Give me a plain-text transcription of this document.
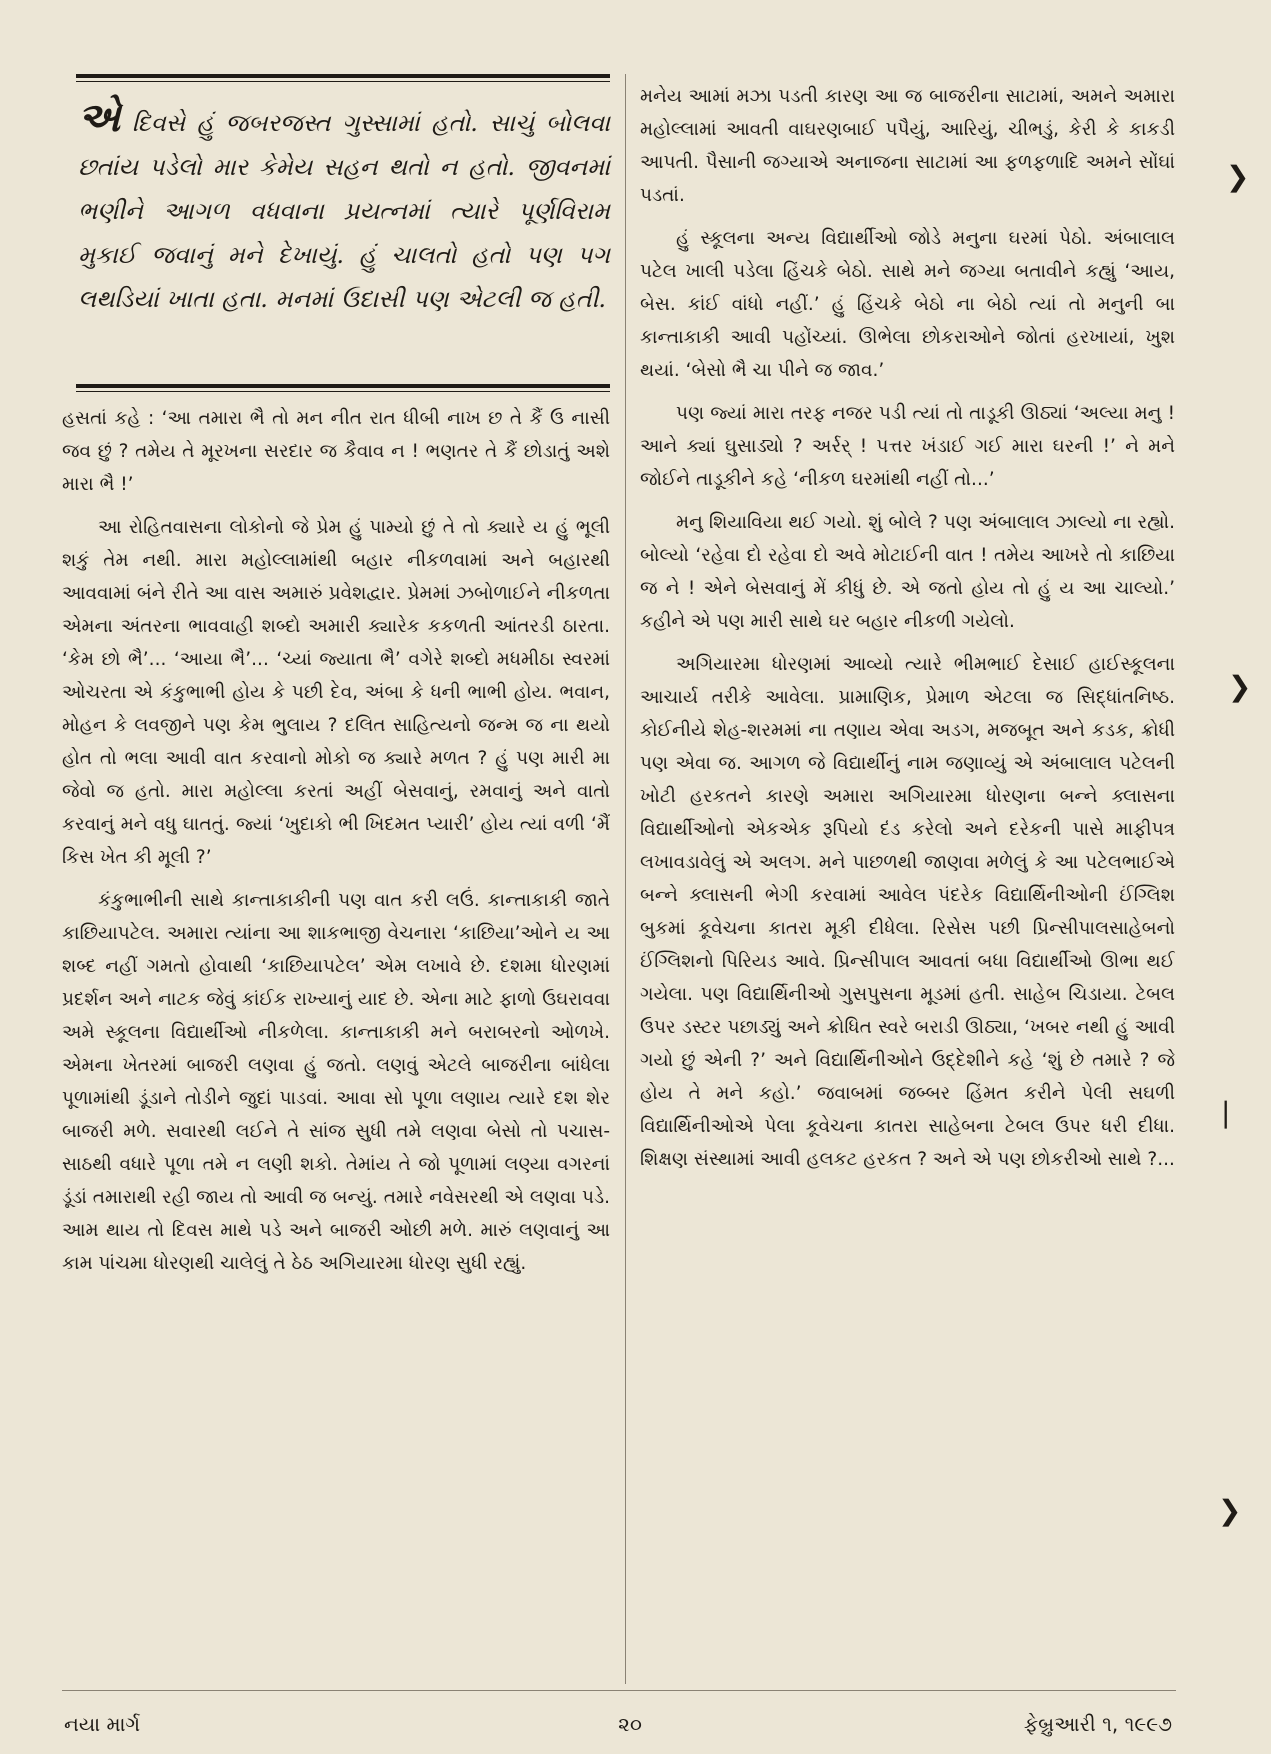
એ દિવસે હું જબરજસ્ત ગુસ્સામાં હતો. સાચું બોલવા છતાંય પડેલો માર કેમેય સહન થતો ન હતો. જીવનમાં ભણીને આગળ વધવાના પ્રયત્નમાં ત્યારે પૂર્ણવિરામ મુકાઈ જવાનું મને દેખાયું. હું ચાલતો હતો પણ પગ લથડિયાં ખાતા હતા. મનમાં ઉદાસી પણ એટલી જ હતી.

હસતાં કહે : ‘આ તમારા ભૈ તો મન નીત રાત ધીબી નાખ છ તે કૈં ઉ નાસી જવ છું ? તમેય તે મૂરખના સરદાર જ કૈવાવ ન ! ભણતર તે કૈં છોડાતું અશે મારા ભૈ !’

આ રોહિતવાસના લોકોનો જે પ્રેમ હું પામ્યો છું તે તો ક્યારે ય હું ભૂલી શકું તેમ નથી. મારા મહોલ્લામાંથી બહાર નીકળવામાં અને બહારથી આવવામાં બંને રીતે આ વાસ અમારું પ્રવેશદ્વાર. પ્રેમમાં ઝબોળાઈને નીકળતા એમના અંતરના ભાવવાહી શબ્દો અમારી ક્યારેક કકળતી આંતરડી ઠારતા. ‘કેમ છો ભૈ’... ‘આયા ભૈ’... ‘ચ્યાં જ્યાતા ભૈ’ વગેરે શબ્દો મધમીઠા સ્વરમાં ઓચરતા એ કંકુભાભી હોય કે પછી દેવ, અંબા કે ધની ભાભી હોય. ભવાન, મોહન કે લવજીને પણ કેમ ભુલાય ? દલિત સાહિત્યનો જન્મ જ ના થયો હોત તો ભલા આવી વાત કરવાનો મોકો જ ક્યારે મળત ? હું પણ મારી મા જેવો જ હતો. મારા મહોલ્લા કરતાં અહીં બેસવાનું, રમવાનું અને વાતો કરવાનું મને વધુ ઘાતતું. જ્યાં ‘ખુદાકો ભી ખિદમત પ્યારી’ હોય ત્યાં વળી ‘મૈં કિસ ખેત કી મૂલી ?’

કંકુભાભીની સાથે કાન્તાકાકીની પણ વાત કરી લઉં. કાન્તાકાકી જાતે કાછિયાપટેલ. અમારા ત્યાંના આ શાકભાજી વેચનારા ‘કાછિયા’ઓને ય આ શબ્દ નહીં ગમતો હોવાથી ‘કાછિયાપટેલ’ એમ લખાવે છે. દશમા ધોરણમાં પ્રદર્શન અને નાટક જેવું કાંઈક રાખ્યાનું યાદ છે. એના માટે ફાળો ઉઘરાવવા અમે સ્કૂલના વિદ્યાર્થીઓ નીકળેલા. કાન્તાકાકી મને બરાબરનો ઓળખે. એમના ખેતરમાં બાજરી લણવા હું જતો. લણવું એટલે બાજરીના બાંધેલા પૂળામાંથી ડૂંડાને તોડીને જુદાં પાડવાં. આવા સો પૂળા લણાય ત્યારે દશ શેર બાજરી મળે. સવારથી લઈને તે સાંજ સુધી તમે લણવા બેસો તો પચાસ-સાઠથી વધારે પૂળા તમે ન લણી શકો. તેમાંય તે જો પૂળામાં લણ્યા વગરનાં ડૂંડાં તમારાથી રહી જાય તો આવી જ બન્યું. તમારે નવેસરથી એ લણવા પડે. આમ થાય તો દિવસ માથે પડે અને બાજરી ઓછી મળે. મારું લણવાનું આ કામ પાંચમા ધોરણથી ચાલેલું તે ઠેઠ અગિયારમા ધોરણ સુધી રહ્યું.

મનેય આમાં મઝા પડતી કારણ આ જ બાજરીના સાટામાં, અમને અમારા મહોલ્લામાં આવતી વાઘરણબાઈ પપૈયું, આરિયું, ચીભડું, કેરી કે કાકડી આપતી. પૈસાની જગ્યાએ અનાજના સાટામાં આ ફળફળાદિ અમને સોંઘાં પડતાં.

હું સ્કૂલના અન્ય વિદ્યાર્થીઓ જોડે મનુના ઘરમાં પેઠો. અંબાલાલ પટેલ ખાલી પડેલા હિંચકે બેઠો. સાથે મને જગ્યા બતાવીને કહ્યું ‘આય, બેસ. કાંઈ વાંધો નહીં.’ હું હિંચકે બેઠો ના બેઠો ત્યાં તો મનુની બા કાન્તાકાકી આવી પહોંચ્યાં. ઊભેલા છોકરાઓને જોતાં હરખાયાં, ખુશ થયાં. ‘બેસો ભૈ ચા પીને જ જાવ.’

પણ જ્યાં મારા તરફ નજર પડી ત્યાં તો તાડૂકી ઊઠ્યાં ‘અલ્યા મનુ ! આને ક્યાં ઘુસાડ્યો ? અર્રર્ ! પત્તર ખંડાઈ ગઈ મારા ઘરની !’ ને મને જોઈને તાડૂકીને કહે ‘નીકળ ઘરમાંથી નહીં તો...’

મનુ શિયાવિયા થઈ ગયો. શું બોલે ? પણ અંબાલાલ ઝાલ્યો ના રહ્યો. બોલ્યો ‘રહેવા દો રહેવા દો અવે મોટાઈની વાત ! તમેય આખરે તો કાછિયા જ ને ! એને બેસવાનું મેં કીધું છે. એ જતો હોય તો હું ય આ ચાલ્યો.’ કહીને એ પણ મારી સાથે ઘર બહાર નીકળી ગયેલો.

અગિયારમા ધોરણમાં આવ્યો ત્યારે ભીમભાઈ દેસાઈ હાઈસ્કૂલના આચાર્ય તરીકે આવેલા. પ્રામાણિક, પ્રેમાળ એટલા જ સિદ્ધાંતનિષ્ઠ. કોઈનીયે શેહ-શરમમાં ના તણાય એવા અડગ, મજબૂત અને કડક, ક્રોધી પણ એવા જ. આગળ જે વિદ્યાર્થીનું નામ જણાવ્યું એ અંબાલાલ પટેલની ખોટી હરકતને કારણે અમારા અગિયારમા ધોરણના બન્ને ક્લાસના વિદ્યાર્થીઓનો એકએક રૂપિયો દંડ કરેલો અને દરેકની પાસે માફીપત્ર લખાવડાવેલું એ અલગ. મને પાછળથી જાણવા મળેલું કે આ પટેલભાઈએ બન્ને ક્લાસની ભેગી કરવામાં આવેલ પંદરેક વિદ્યાર્થિનીઓની ઈંગ્લિશ બુકમાં કૂવેચના કાતરા મૂકી દીધેલા. રિસેસ પછી પ્રિન્સીપાલસાહેબનો ઈંગ્લિશનો પિરિયડ આવે. પ્રિન્સીપાલ આવતાં બધા વિદ્યાર્થીઓ ઊભા થઈ ગયેલા. પણ વિદ્યાર્થિનીઓ ગુસપુસના મૂડમાં હતી. સાહેબ ચિડાયા. ટેબલ ઉપર ડસ્ટર પછાડ્યું અને ક્રોધિત સ્વરે બરાડી ઊઠ્યા, ‘ખબર નથી હું આવી ગયો છું એની ?’ અને વિદ્યાર્થિનીઓને ઉદ્દેશીને કહે ‘શું છે તમારે ? જે હોય તે મને કહો.’ જવાબમાં જબ્બર હિંમત કરીને પેલી સઘળી વિદ્યાર્થિનીઓએ પેલા કૂવેચના કાતરા સાહેબના ટેબલ ઉપર ધરી દીધા. શિક્ષણ સંસ્થામાં આવી હલકટ હરકત ? અને એ પણ છોકરીઓ સાથે ?...

નયા માર્ગ	૨૦	ફેબ્રુઆરી ૧, ૧૯૯૭
❯
❯
❘
❯
